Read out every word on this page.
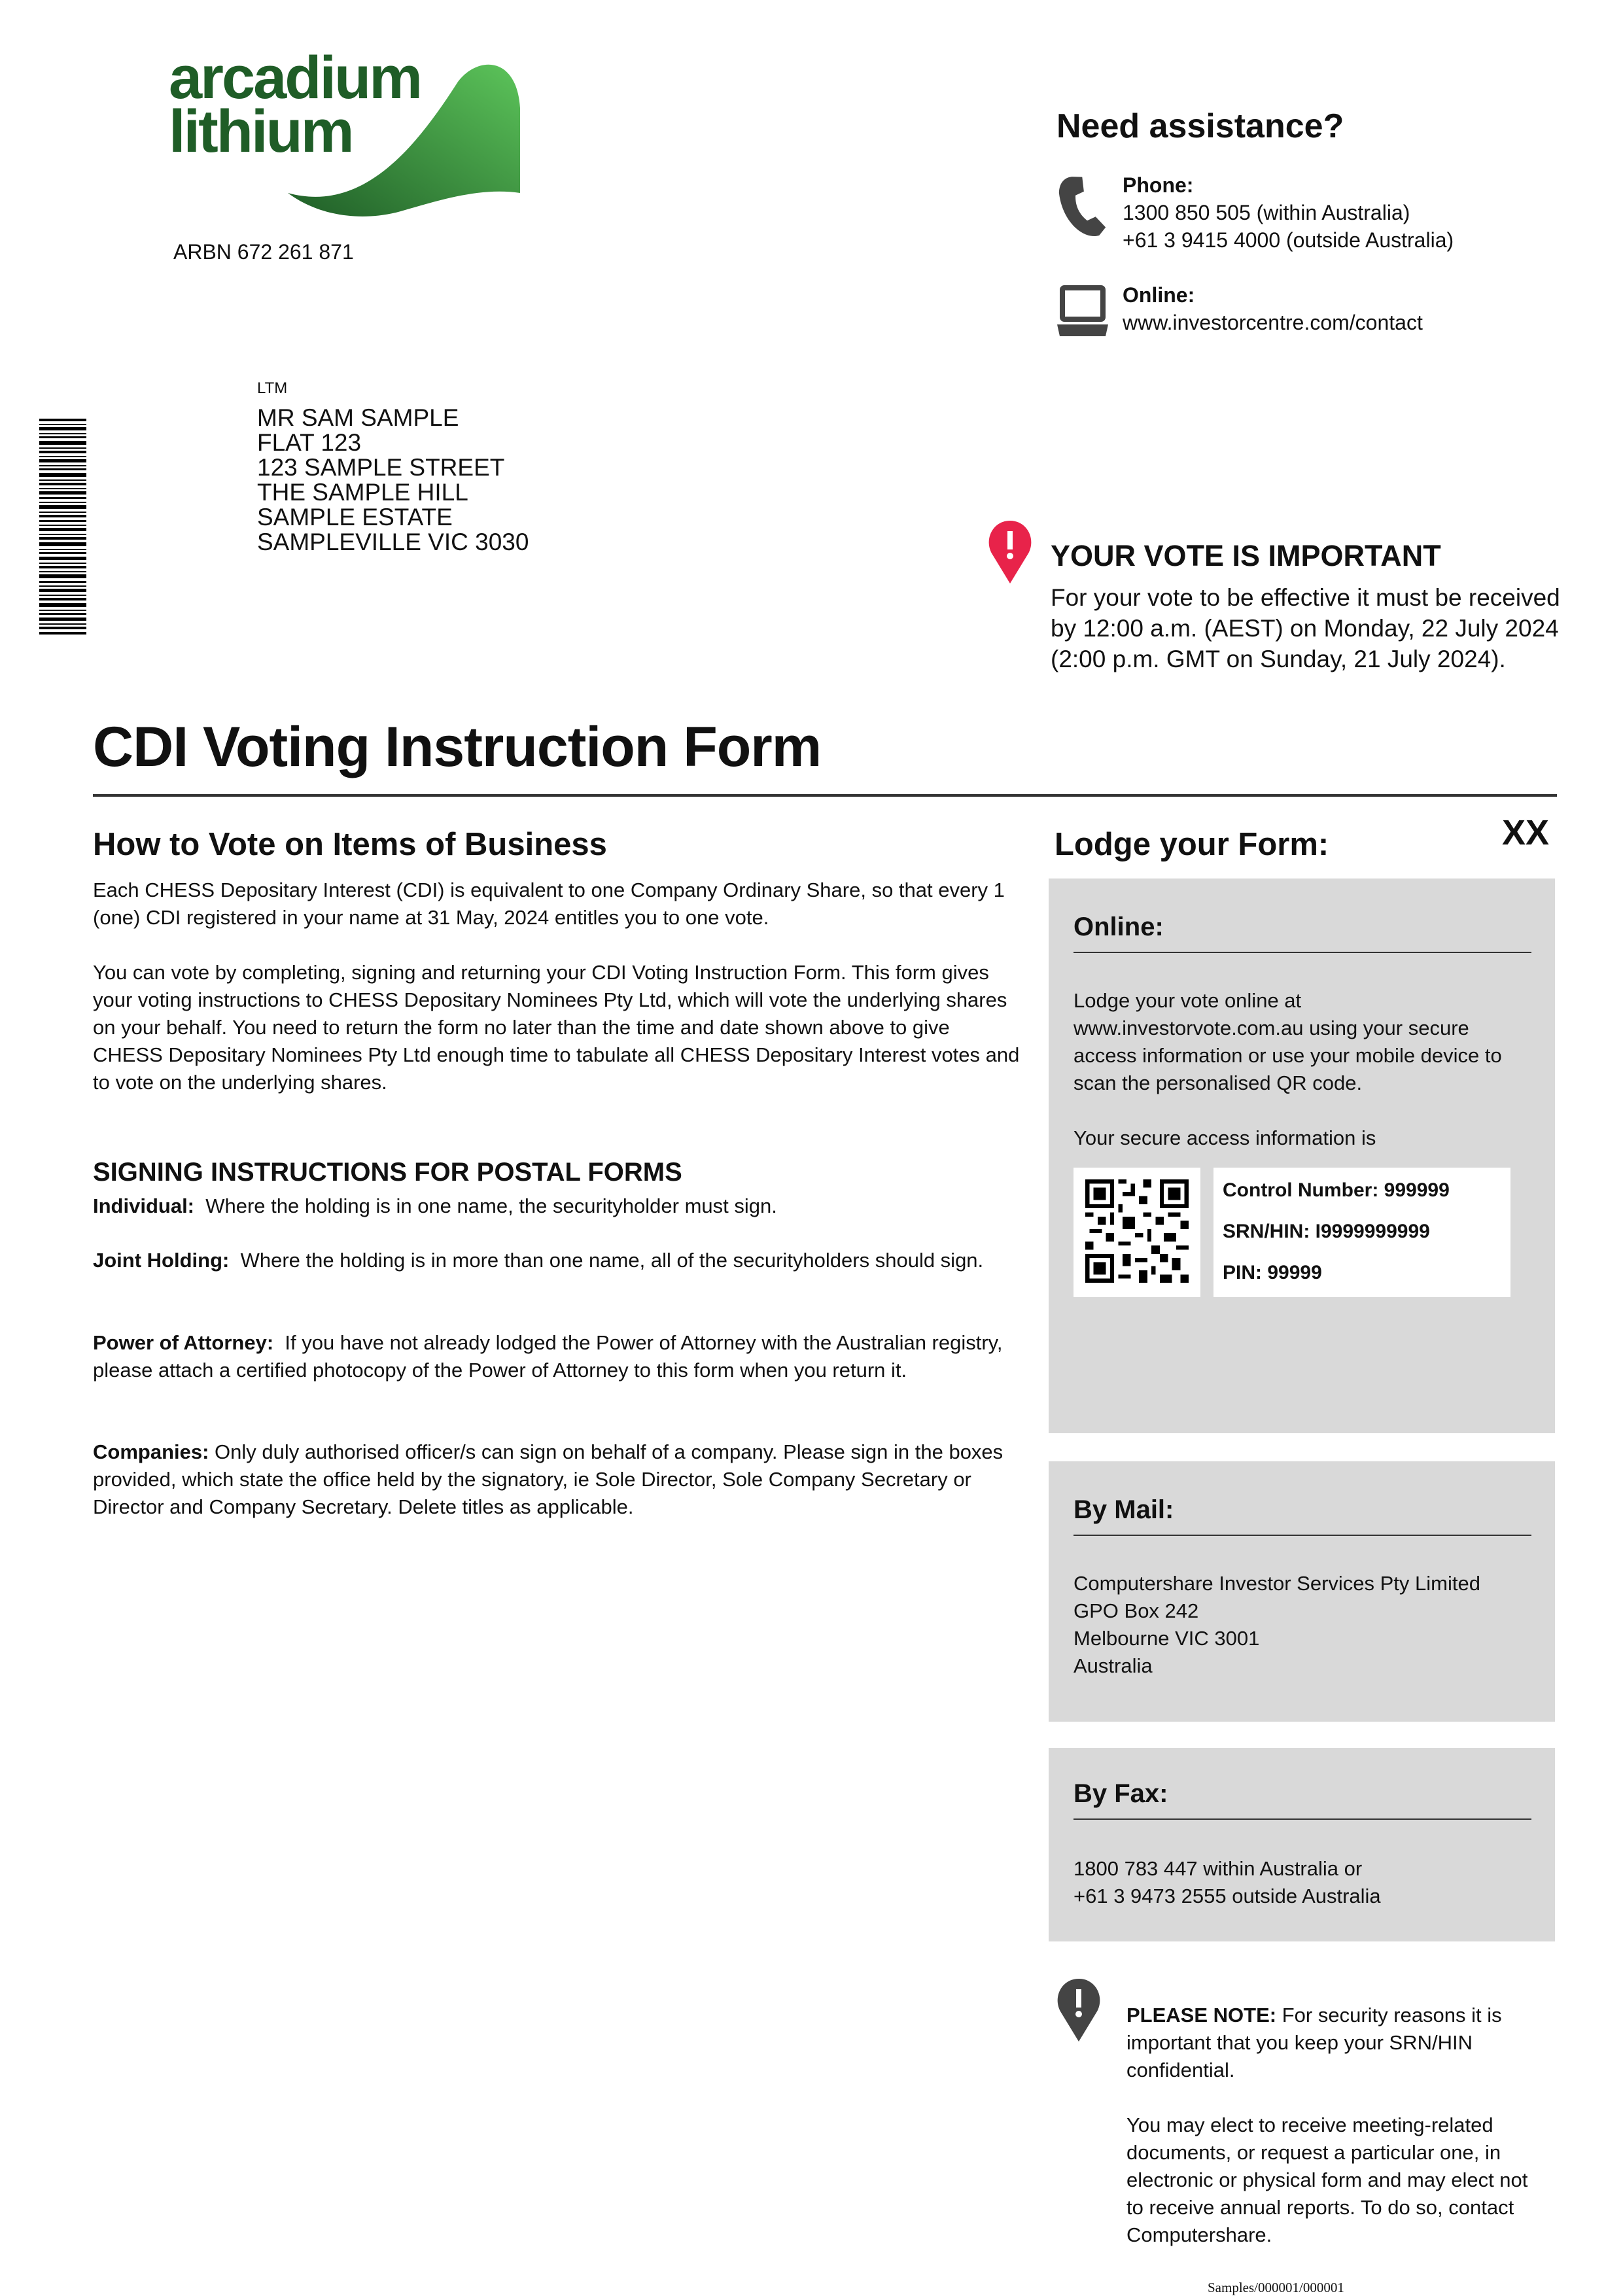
arcadium
lithium
ARBN 672 261 871
Need assistance?
Phone:
1300 850 505 (within Australia)
+61 3 9415 4000 (outside Australia)
Online:
www.investorcentre.com/contact
LTM
MR SAM SAMPLE
FLAT 123
123 SAMPLE STREET
THE SAMPLE HILL
SAMPLE ESTATE
SAMPLEVILLE VIC 3030	YOUR VOTE IS IMPORTANT
For your vote to be effective it must be received by 12:00 a.m. (AEST) on Monday, 22 July 2024 (2:00 p.m. GMT on Sunday, 21 July 2024).
CDI Voting Instruction Form
How to Vote on Items of Business
Each CHESS Depositary Interest (CDI) is equivalent to one Company Ordinary Share, so that every 1 (one) CDI registered in your name at 31 May, 2024 entitles you to one vote.
You can vote by completing, signing and returning your CDI Voting Instruction Form. This form gives your voting instructions to CHESS Depositary Nominees Pty Ltd, which will vote the underlying shares on your behalf. You need to return the form no later than the time and date shown above to give CHESS Depositary Nominees Pty Ltd enough time to tabulate all CHESS Depositary Interest votes and to vote on the underlying shares.
SIGNING INSTRUCTIONS FOR POSTAL FORMS
Individual: Where the holding is in one name, the securityholder must sign.
Joint Holding: Where the holding is in more than one name, all of the securityholders should sign.
Power of Attorney: If you have not already lodged the Power of Attorney with the Australian registry, please attach a certified photocopy of the Power of Attorney to this form when you return it.
Companies: Only duly authorised officer/s can sign on behalf of a company. Please sign in the boxes provided, which state the office held by the signatory, ie Sole Director, Sole Company Secretary or Director and Company Secretary. Delete titles as applicable.
Lodge your Form:	XX
Online:
Lodge your vote online at www.investorvote.com.au using your secure access information or use your mobile device to scan the personalised QR code.
Your secure access information is
Control Number: 999999
SRN/HIN: I9999999999
PIN: 99999
By Mail:
Computershare Investor Services Pty Limited
GPO Box 242
Melbourne VIC 3001
Australia
By Fax:
1800 783 447 within Australia or
+61 3 9473 2555 outside Australia
PLEASE NOTE: For security reasons it is important that you keep your SRN/HIN confidential.
You may elect to receive meeting-related documents, or request a particular one, in electronic or physical form and may elect not to receive annual reports. To do so, contact Computershare.
Samples/000001/000001
